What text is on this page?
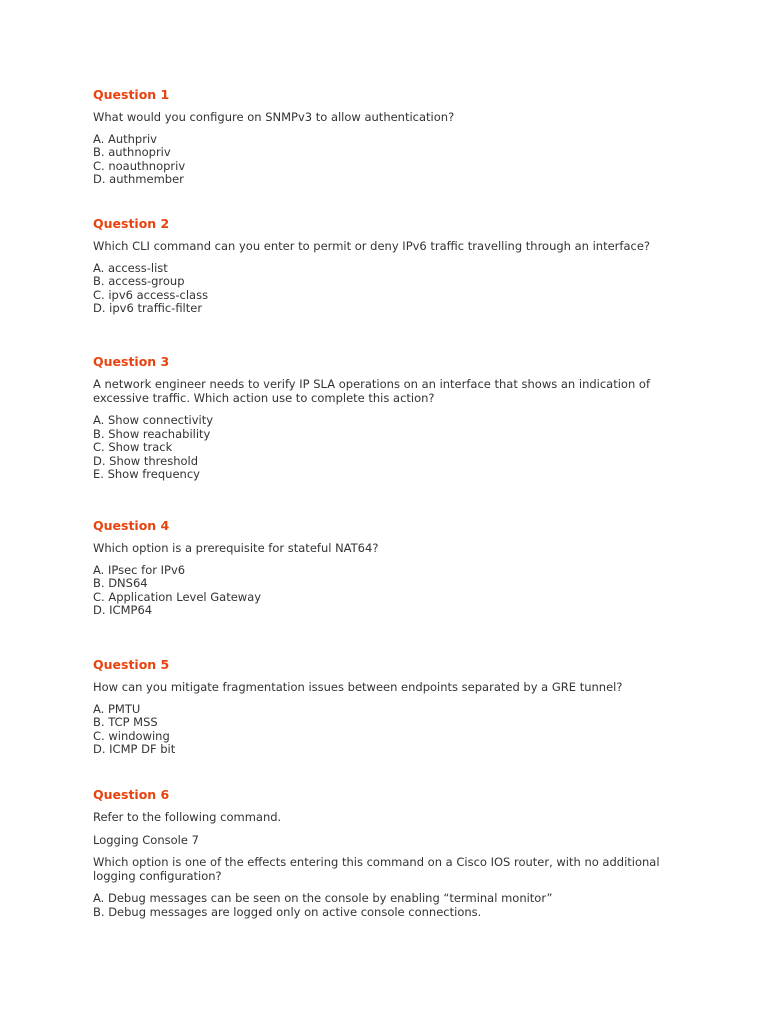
Question 1

What would you configure on SNMPv3 to allow authentication?

A. Authpriv
B. authnopriv
C. noauthnopriv
D. authmember
Question 2

Which CLI command can you enter to permit or deny IPv6 traffic travelling through an interface?

A. access-list
B. access-group
C. ipv6 access-class
D. ipv6 traffic-filter
Question 3

A network engineer needs to verify IP SLA operations on an interface that shows an indication of excessive traffic. Which action use to complete this action?

A. Show connectivity
B. Show reachability
C. Show track
D. Show threshold
E. Show frequency
Question 4

Which option is a prerequisite for stateful NAT64?

A. IPsec for IPv6
B. DNS64
C. Application Level Gateway
D. ICMP64
Question 5

How can you mitigate fragmentation issues between endpoints separated by a GRE tunnel?

A. PMTU
B. TCP MSS
C. windowing
D. ICMP DF bit
Question 6

Refer to the following command.

Logging Console 7

Which option is one of the effects entering this command on a Cisco IOS router, with no additional logging configuration?

A. Debug messages can be seen on the console by enabling “terminal monitor”
B. Debug messages are logged only on active console connections.
